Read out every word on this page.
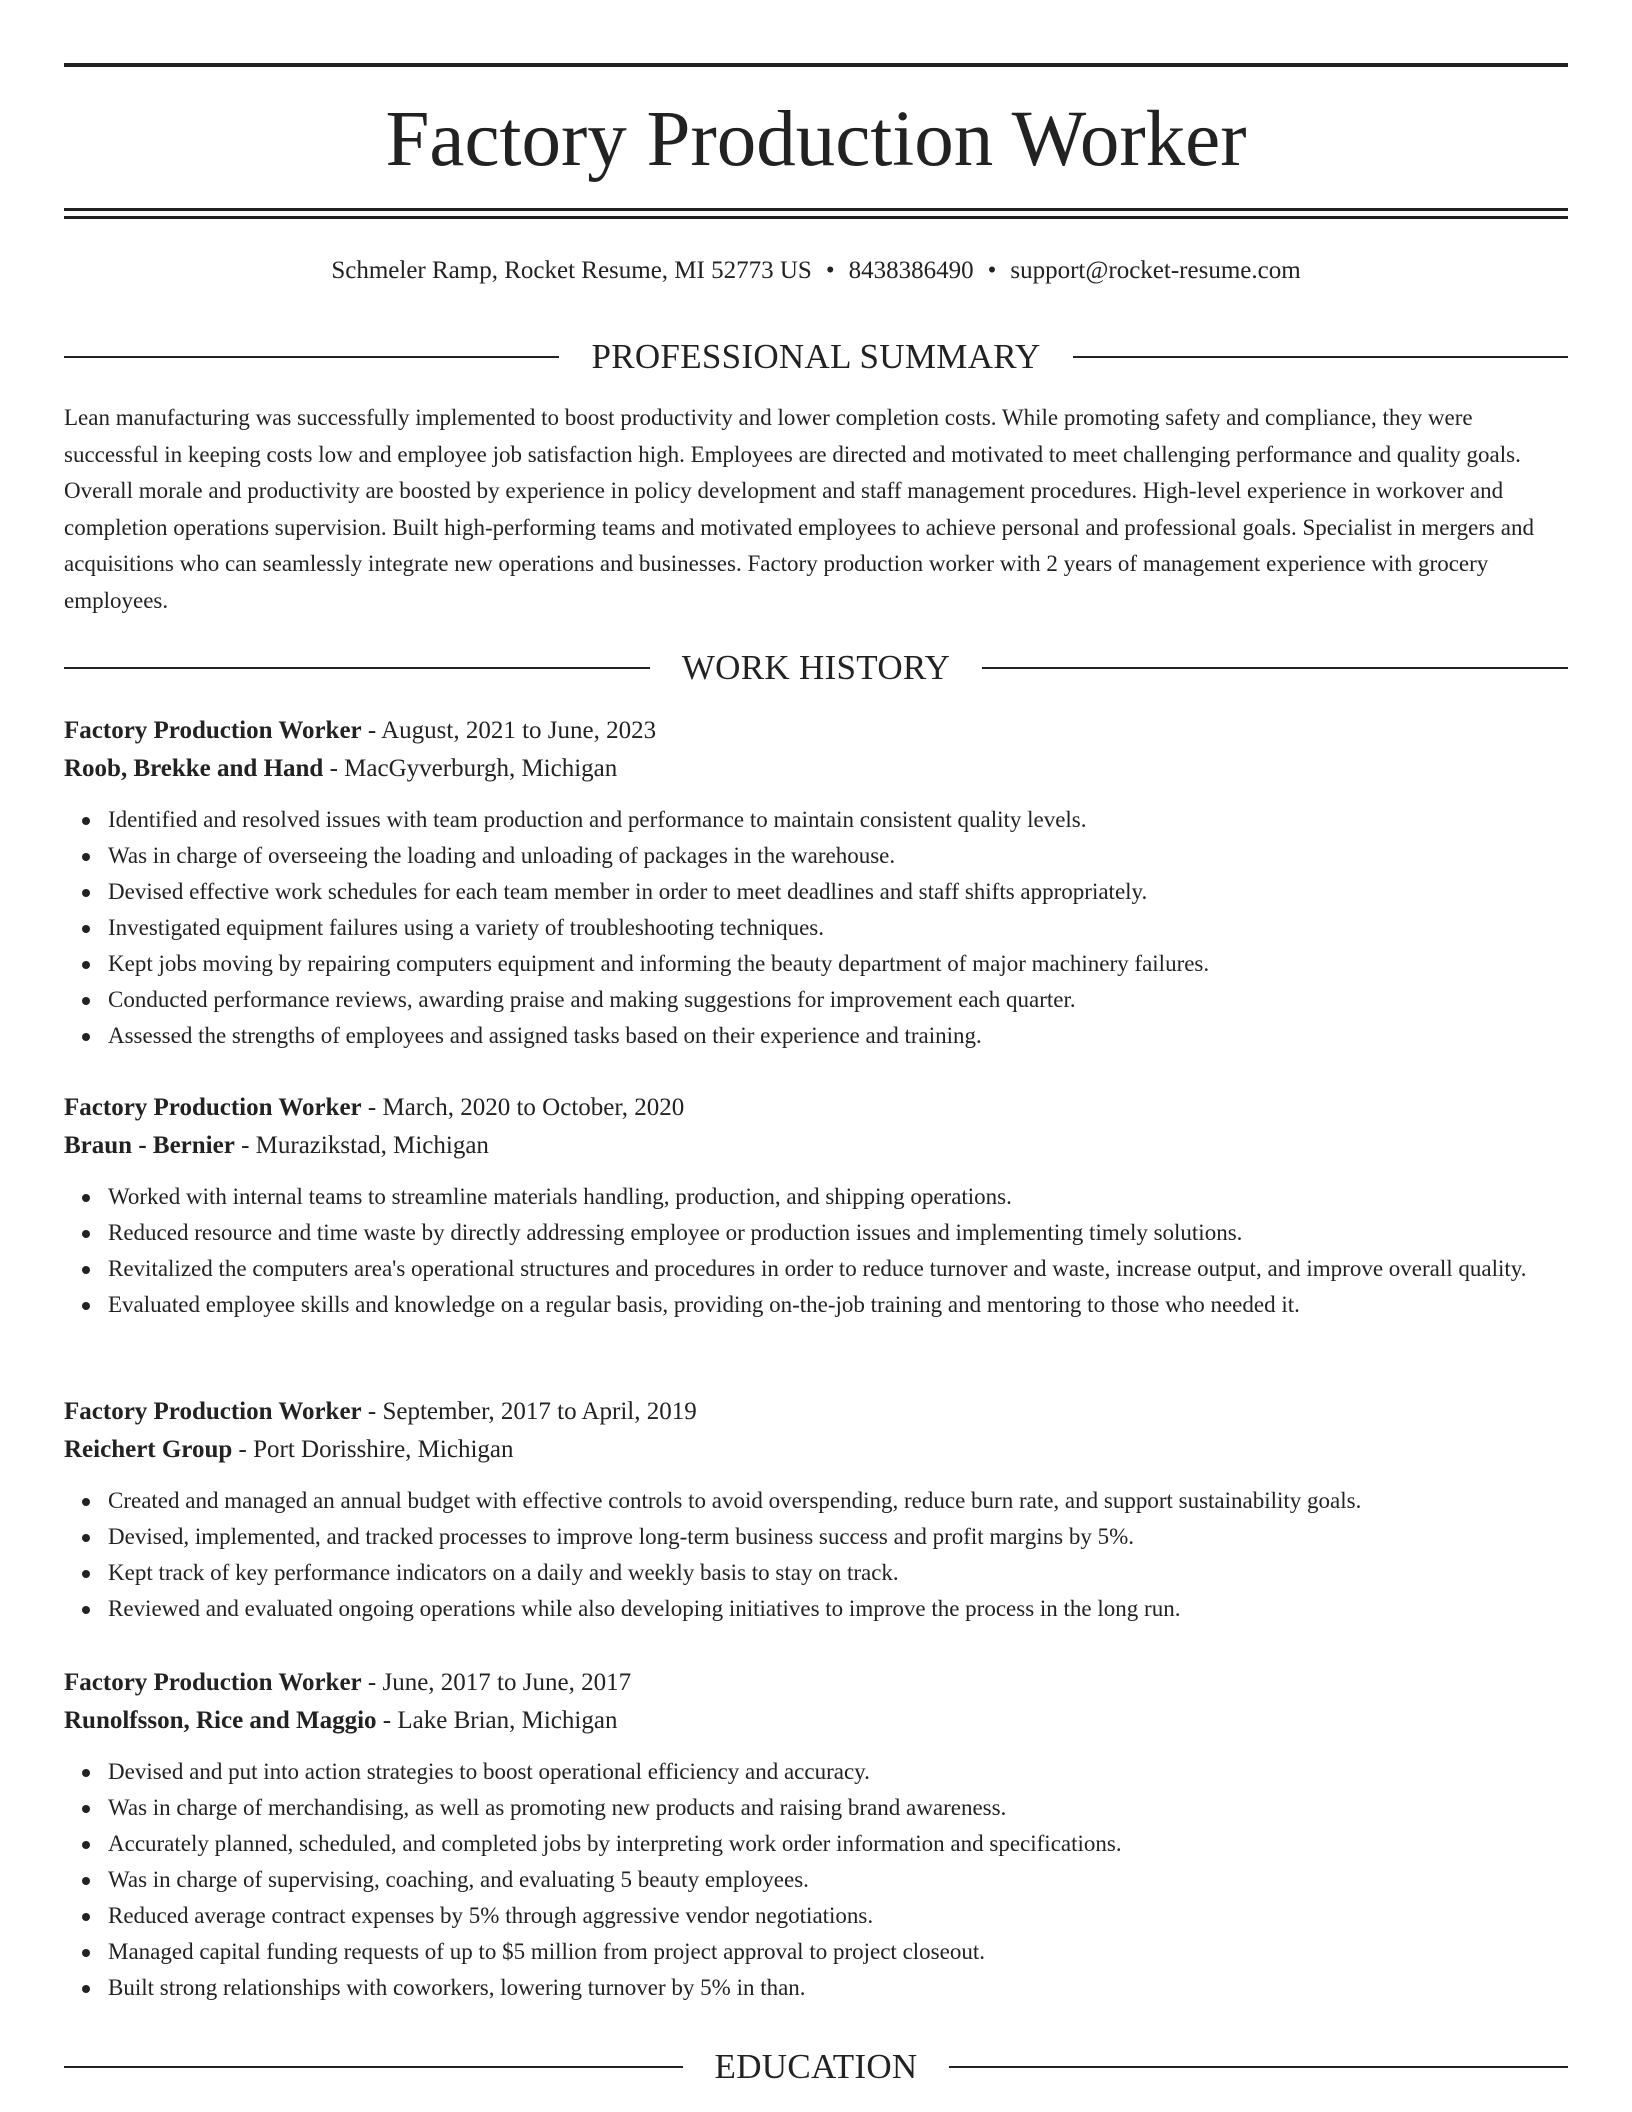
Factory Production Worker
Schmeler Ramp, Rocket Resume, MI 52773 US • 8438386490 • support@rocket-resume.com
PROFESSIONAL SUMMARY

Lean manufacturing was successfully implemented to boost productivity and lower completion costs. While promoting safety and compliance, they were successful in keeping costs low and employee job satisfaction high. Employees are directed and motivated to meet challenging performance and quality goals. Overall morale and productivity are boosted by experience in policy development and staff management procedures. High-level experience in workover and completion operations supervision. Built high-performing teams and motivated employees to achieve personal and professional goals. Specialist in mergers and acquisitions who can seamlessly integrate new operations and businesses. Factory production worker with 2 years of management experience with grocery employees.

WORK HISTORY
Factory Production Worker - August, 2021 to June, 2023
Roob, Brekke and Hand - MacGyverburgh, Michigan
Identified and resolved issues with team production and performance to maintain consistent quality levels.
Was in charge of overseeing the loading and unloading of packages in the warehouse.
Devised effective work schedules for each team member in order to meet deadlines and staff shifts appropriately.
Investigated equipment failures using a variety of troubleshooting techniques.
Kept jobs moving by repairing computers equipment and informing the beauty department of major machinery failures.
Conducted performance reviews, awarding praise and making suggestions for improvement each quarter.
Assessed the strengths of employees and assigned tasks based on their experience and training.
Factory Production Worker - March, 2020 to October, 2020
Braun - Bernier - Murazikstad, Michigan
Worked with internal teams to streamline materials handling, production, and shipping operations.
Reduced resource and time waste by directly addressing employee or production issues and implementing timely solutions.
Revitalized the computers area's operational structures and procedures in order to reduce turnover and waste, increase output, and improve overall quality.
Evaluated employee skills and knowledge on a regular basis, providing on-the-job training and mentoring to those who needed it.
Factory Production Worker - September, 2017 to April, 2019
Reichert Group - Port Dorisshire, Michigan
Created and managed an annual budget with effective controls to avoid overspending, reduce burn rate, and support sustainability goals.
Devised, implemented, and tracked processes to improve long-term business success and profit margins by 5%.
Kept track of key performance indicators on a daily and weekly basis to stay on track.
Reviewed and evaluated ongoing operations while also developing initiatives to improve the process in the long run.
Factory Production Worker - June, 2017 to June, 2017
Runolfsson, Rice and Maggio - Lake Brian, Michigan
Devised and put into action strategies to boost operational efficiency and accuracy.
Was in charge of merchandising, as well as promoting new products and raising brand awareness.
Accurately planned, scheduled, and completed jobs by interpreting work order information and specifications.
Was in charge of supervising, coaching, and evaluating 5 beauty employees.
Reduced average contract expenses by 5% through aggressive vendor negotiations.
Managed capital funding requests of up to $5 million from project approval to project closeout.
Built strong relationships with coworkers, lowering turnover by 5% in than.
EDUCATION
